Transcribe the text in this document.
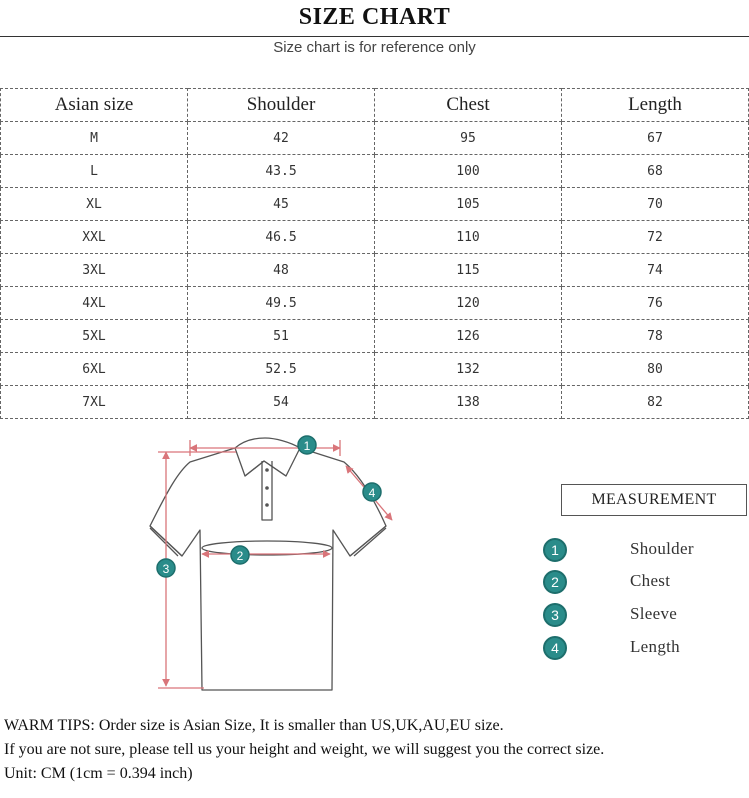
SIZE CHART
Size chart is for reference only
Asian size	Shoulder	Chest	Length
M	42	95	67
L	43.5	100	68
XL	45	105	70
XXL	46.5	110	72
3XL	48	115	74
4XL	49.5	120	76
5XL	51	126	78
6XL	52.5	132	80
7XL	54	138	82
1
2
3
4	MEASUREMENT
1	Shoulder
2	Chest
3	Sleeve
4	Length
WARM TIPS: Order size is Asian Size, It is smaller than US,UK,AU,EU size.
If you are not sure, please tell us your height and weight, we will suggest you the correct size.
Unit: CM (1cm = 0.394 inch)
